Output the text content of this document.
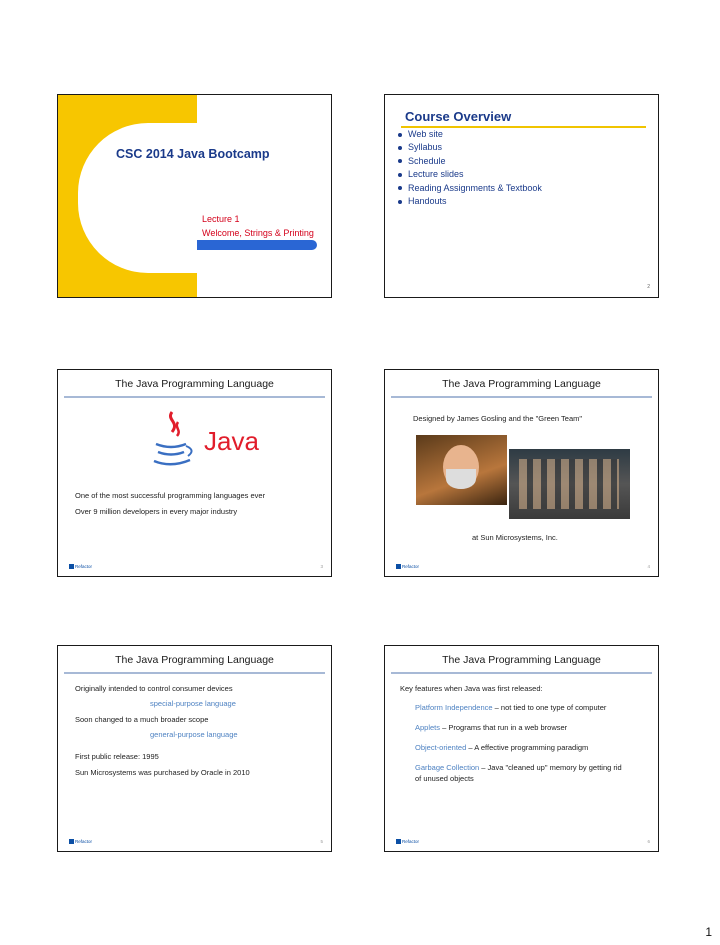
CSC 2014 Java Bootcamp
Lecture 1
Welcome, Strings & Printing
Course Overview
Web site
Syllabus
Schedule
Lecture slides
Reading Assignments & Textbook
Handouts
2
The Java Programming Language
Java
One of the most successful programming languages ever
Over 9 million developers in every major industry
Refactor	3
The Java Programming Language
Designed by James Gosling and the "Green Team"
at Sun Microsystems, Inc.
Refactor	4
The Java Programming Language
Originally intended to control consumer devices
special-purpose language
Soon changed to a much broader scope
general-purpose language
First public release: 1995
Sun Microsystems was purchased by Oracle in 2010
Refactor	5
The Java Programming Language
Key features when Java was first released:
Platform Independence – not tied to one type of computer
Applets – Programs that run in a web browser
Object-oriented – A effective programming paradigm
Garbage Collection – Java "cleaned up" memory by getting rid
of unused objects
Refactor	6
1
